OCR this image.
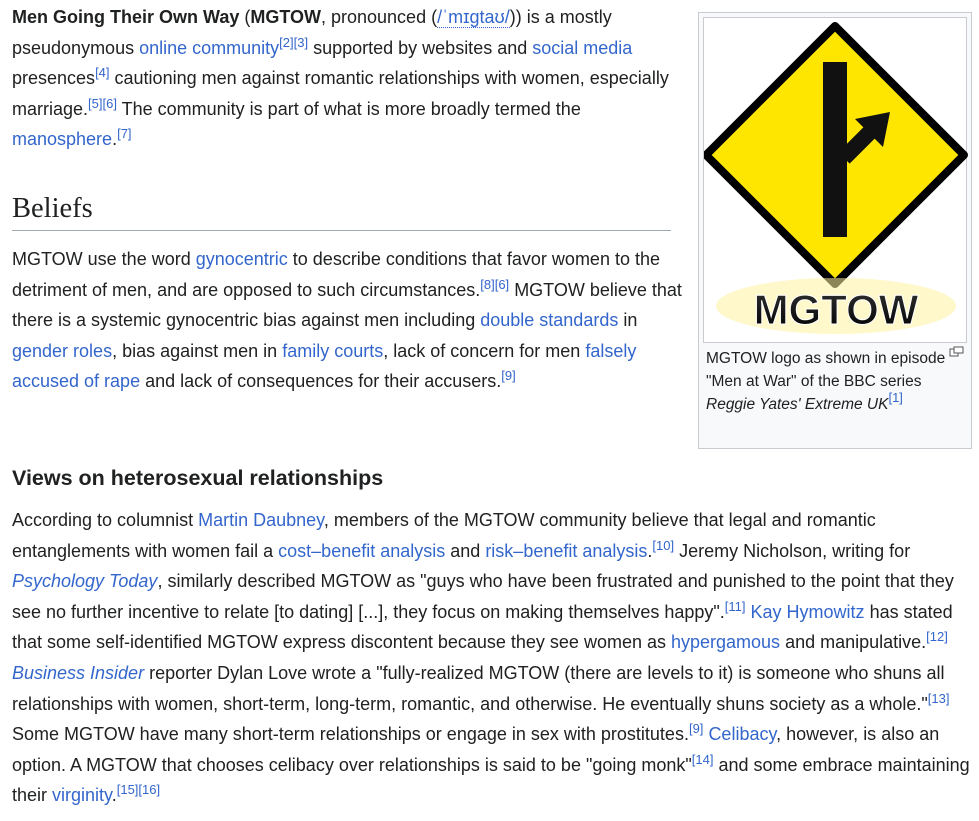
Men Going Their Own Way (MGTOW, pronounced (/ˈmɪɡtaʊ/)) is a mostly pseudonymous online community[2][3] supported by websites and social media presences[4] cautioning men against romantic relationships with women, especially marriage.[5][6] The community is part of what is more broadly termed the manosphere.[7]

Beliefs

MGTOW use the word gynocentric to describe conditions that favor women to the detriment of men, and are opposed to such circumstances.[8][6] MGTOW believe that there is a systemic gynocentric bias against men including double standards in gender roles, bias against men in family courts, lack of concern for men falsely accused of rape and lack of consequences for their accusers.[9]

Views on heterosexual relationships

According to columnist Martin Daubney, members of the MGTOW community believe that legal and romantic entanglements with women fail a cost–benefit analysis and risk–benefit analysis.[10] Jeremy Nicholson, writing for Psychology Today, similarly described MGTOW as "guys who have been frustrated and punished to the point that they see no further incentive to relate [to dating] [...], they focus on making themselves happy".[11] Kay Hymowitz has stated that some self-identified MGTOW express discontent because they see women as hypergamous and manipulative.[12] Business Insider reporter Dylan Love wrote a "fully-realized MGTOW (there are levels to it) is someone who shuns all relationships with women, short-term, long-term, romantic, and otherwise. He eventually shuns society as a whole."[13] Some MGTOW have many short-term relationships or engage in sex with prostitutes.[9] Celibacy, however, is also an option. A MGTOW that chooses celibacy over relationships is said to be "going monk"[14] and some embrace maintaining their virginity.[15][16]

MGTOW
MGTOW logo as shown in episode "Men at War" of the BBC series Reggie Yates' Extreme UK[1]
